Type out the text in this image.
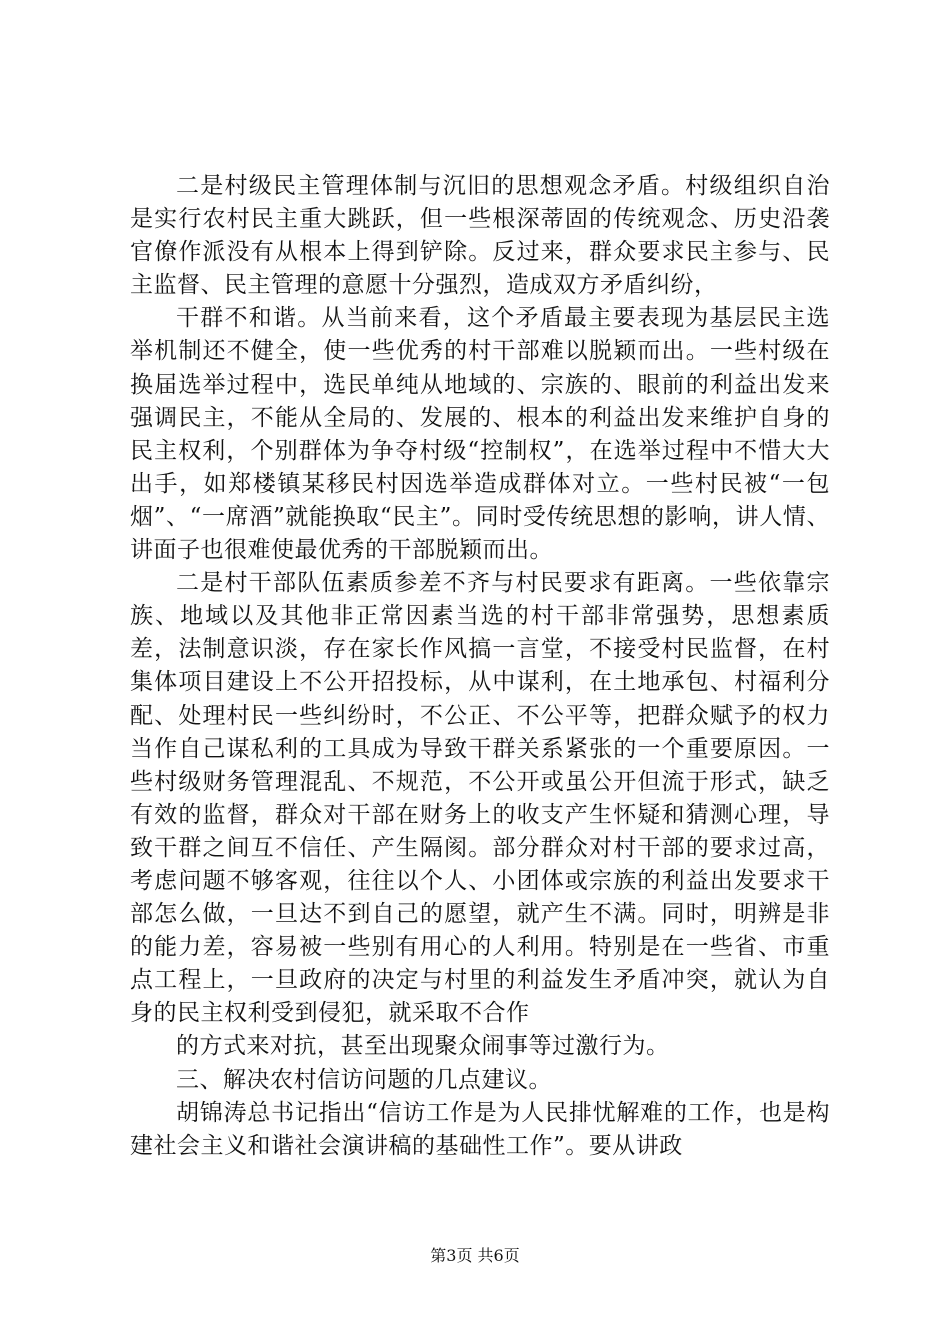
二是村级民主管理体制与沉旧的思想观念矛盾。村级组织自治是实行农村民主重大跳跃，但一些根深蒂固的传统观念、历史沿袭官僚作派没有从根本上得到铲除。反过来，群众要求民主参与、民主监督、民主管理的意愿十分强烈，造成双方矛盾纠纷，

干群不和谐。从当前来看，这个矛盾最主要表现为基层民主选举机制还不健全，使一些优秀的村干部难以脱颖而出。一些村级在换届选举过程中，选民单纯从地域的、宗族的、眼前的利益出发来强调民主，不能从全局的、发展的、根本的利益出发来维护自身的民主权利，个别群体为争夺村级“控制权”，在选举过程中不惜大大出手，如郑楼镇某移民村因选举造成群体对立。一些村民被“一包烟”、“一席酒”就能换取“民主”。同时受传统思想的影响，讲人情、讲面子也很难使最优秀的干部脱颖而出。

二是村干部队伍素质参差不齐与村民要求有距离。一些依靠宗族、地域以及其他非正常因素当选的村干部非常强势，思想素质差，法制意识淡，存在家长作风搞一言堂，不接受村民监督，在村集体项目建设上不公开招投标，从中谋利，在土地承包、村福利分配、处理村民一些纠纷时，不公正、不公平等，把群众赋予的权力当作自己谋私利的工具成为导致干群关系紧张的一个重要原因。一些村级财务管理混乱、不规范，不公开或虽公开但流于形式，缺乏有效的监督，群众对干部在财务上的收支产生怀疑和猜测心理，导致干群之间互不信任、产生隔阂。部分群众对村干部的要求过高，考虑问题不够客观，往往以个人、小团体或宗族的利益出发要求干部怎么做，一旦达不到自己的愿望，就产生不满。同时，明辨是非的能力差，容易被一些别有用心的人利用。特别是在一些省、市重点工程上，一旦政府的决定与村里的利益发生矛盾冲突，就认为自身的民主权利受到侵犯，就采取不合作

的方式来对抗，甚至出现聚众闹事等过激行为。

三、解决农村信访问题的几点建议。

胡锦涛总书记指出“信访工作是为人民排忧解难的工作，也是构建社会主义和谐社会演讲稿的基础性工作”。要从讲政

第3页 共6页
